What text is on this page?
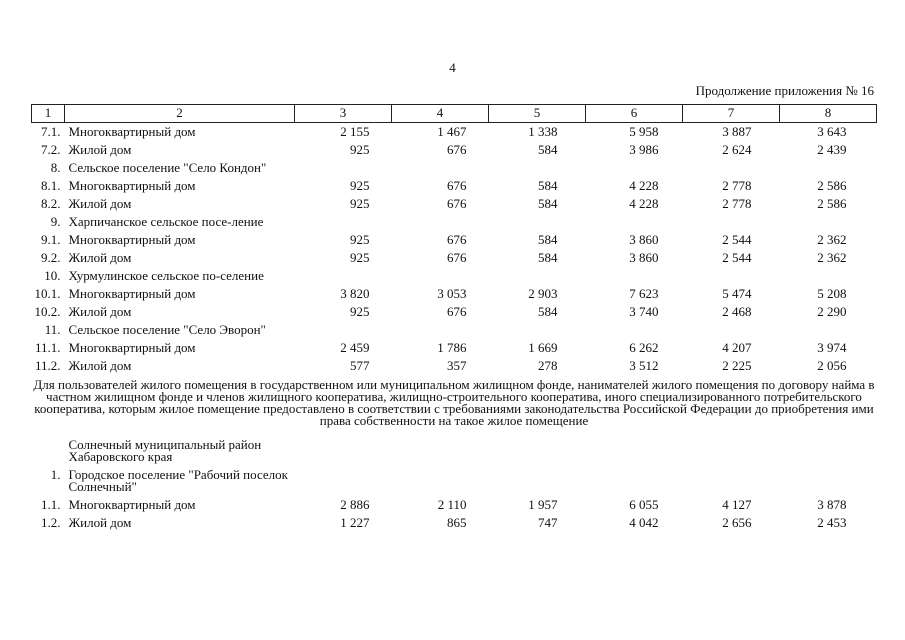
4
Продолжение приложения № 16
1	2	3	4	5	6	7	8
7.1.	Многоквартирный дом	2 155	1 467	1 338	5 958	3 887	3 643
7.2.	Жилой дом	925	676	584	3 986	2 624	2 439
8.	Сельское поселение "Село Кондон"						
8.1.	Многоквартирный дом	925	676	584	4 228	2 778	2 586
8.2.	Жилой дом	925	676	584	4 228	2 778	2 586
9.	Харпичанское сельское посе-ление						
9.1.	Многоквартирный дом	925	676	584	3 860	2 544	2 362
9.2.	Жилой дом	925	676	584	3 860	2 544	2 362
10.	Хурмулинское сельское по-селение						
10.1.	Многоквартирный дом	3 820	3 053	2 903	7 623	5 474	5 208
10.2.	Жилой дом	925	676	584	3 740	2 468	2 290
11.	Сельское поселение "Село Эворон"						
11.1.	Многоквартирный дом	2 459	1 786	1 669	6 262	4 207	3 974
11.2.	Жилой дом	577	357	278	3 512	2 225	2 056
Для пользователей жилого помещения в государственном или муниципальном жилищном фонде, нанимателей жилого помещения по договору найма в частном жилищном фонде и членов жилищного кооператива, жилищно-строительного кооператива, иного специализированного потребительского кооператива, которым жилое помещение предоставлено в соответствии с требованиями законодательства Российской Федерации до приобретения ими права собственности на такое жилое помещение							
	Солнечный муниципальный район Хабаровского края						
1.	Городское поселение "Рабочий поселок Солнечный"						
1.1.	Многоквартирный дом	2 886	2 110	1 957	6 055	4 127	3 878
1.2.	Жилой дом	1 227	865	747	4 042	2 656	2 453
